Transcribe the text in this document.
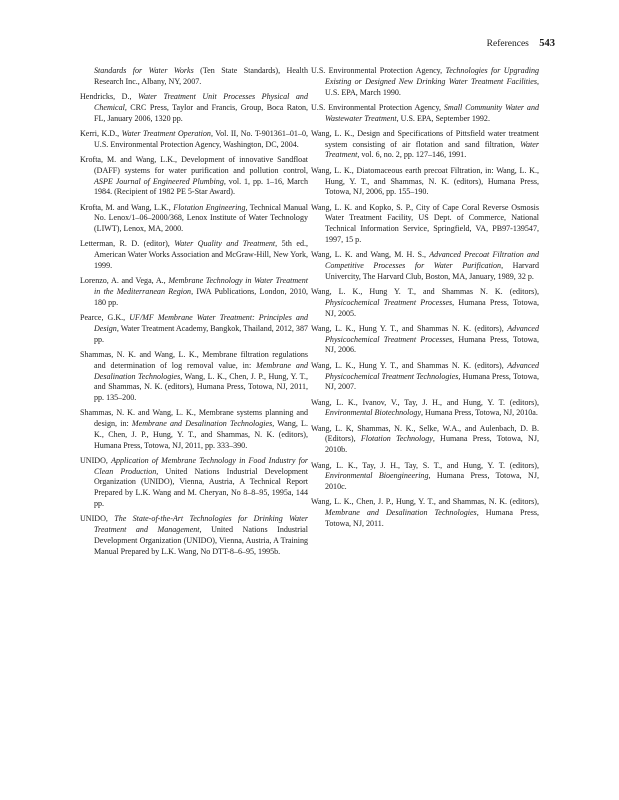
References 543

Standards for Water Works (Ten State Standards), Health Research Inc., Albany, NY, 2007.

Hendricks, D., Water Treatment Unit Processes Physical and Chemical, CRC Press, Taylor and Francis, Group, Boca Raton, FL, January 2006, 1320 pp.

Kerri, K.D., Water Treatment Operation, Vol. II, No. T-901361–01–0, U.S. Environmental Protection Agency, Washington, DC, 2004.

Krofta, M. and Wang, L.K., Development of innovative Sandfloat (DAFF) systems for water purification and pollution control, ASPE Journal of Engineered Plumbing, vol. 1, pp. 1–16, March 1984. (Recipient of 1982 PE 5-Star Award).

Krofta, M. and Wang, L.K., Flotation Engineering, Technical Manual No. Lenox/1–06–2000/368, Lenox Institute of Water Technology (LIWT), Lenox, MA, 2000.

Letterman, R. D. (editor), Water Quality and Treatment, 5th ed., American Water Works Association and McGraw-Hill, New York, 1999.

Lorenzo, A. and Vega, A., Membrane Technology in Water Treatment in the Mediterranean Region, IWA Publications, London, 2010, 180 pp.

Pearce, G.K., UF/MF Membrane Water Treatment: Principles and Design, Water Treatment Academy, Bangkok, Thailand, 2012, 387 pp.

Shammas, N. K. and Wang, L. K., Membrane filtration regulations and determination of log removal value, in: Membrane and Desalination Technologies, Wang, L. K., Chen, J. P., Hung, Y. T., and Shammas, N. K. (editors), Humana Press, Totowa, NJ, 2011, pp. 135–200.

Shammas, N. K. and Wang, L. K., Membrane systems planning and design, in: Membrane and Desalination Technologies, Wang, L. K., Chen, J. P., Hung, Y. T., and Shammas, N. K. (editors), Humana Press, Totowa, NJ, 2011, pp. 333–390.

UNIDO, Application of Membrane Technology in Food Industry for Clean Production, United Nations Industrial Development Organization (UNIDO), Vienna, Austria, A Technical Report Prepared by L.K. Wang and M. Cheryan, No 8–8–95, 1995a, 144 pp.

UNIDO, The State-of-the-Art Technologies for Drinking Water Treatment and Management, United Nations Industrial Development Organization (UNIDO), Vienna, Austria, A Training Manual Prepared by L.K. Wang, No DTT-8–6–95, 1995b.

U.S. Environmental Protection Agency, Technologies for Upgrading Existing or Designed New Drinking Water Treatment Facilities, U.S. EPA, March 1990.

U.S. Environmental Protection Agency, Small Community Water and Wastewater Treatment, U.S. EPA, September 1992.

Wang, L. K., Design and Specifications of Pittsfield water treatment system consisting of air flotation and sand filtration, Water Treatment, vol. 6, no. 2, pp. 127–146, 1991.

Wang, L. K., Diatomaceous earth precoat Filtration, in: Wang, L. K., Hung, Y. T., and Shammas, N. K. (editors), Humana Press, Totowa, NJ, 2006, pp. 155–190.

Wang, L. K. and Kopko, S. P., City of Cape Coral Reverse Osmosis Water Treatment Facility, US Dept. of Commerce, National Technical Information Service, Springfield, VA, PB97-139547, 1997, 15 p.

Wang, L. K. and Wang, M. H. S., Advanced Precoat Filtration and Competitive Processes for Water Purification, Harvard Univercity, The Harvard Club, Boston, MA, January, 1989, 32 p.

Wang, L. K., Hung Y. T., and Shammas N. K. (editors), Physicochemical Treatment Processes, Humana Press, Totowa, NJ, 2005.

Wang, L. K., Hung Y. T., and Shammas N. K. (editors), Advanced Physicochemical Treatment Processes, Humana Press, Totowa, NJ, 2006.

Wang, L. K., Hung Y. T., and Shammas N. K. (editors), Advanced Physicochemical Treatment Technologies, Humana Press, Totowa, NJ, 2007.

Wang, L. K., Ivanov, V., Tay, J. H., and Hung, Y. T. (editors), Environmental Biotechnology, Humana Press, Totowa, NJ, 2010a.

Wang, L. K, Shammas, N. K., Selke, W.A., and Aulenbach, D. B. (Editors), Flotation Technology, Humana Press, Totowa, NJ, 2010b.

Wang, L. K., Tay, J. H., Tay, S. T., and Hung, Y. T. (editors), Environmental Bioengineering, Humana Press, Totowa, NJ, 2010c.

Wang, L. K., Chen, J. P., Hung, Y. T., and Shammas, N. K. (editors), Membrane and Desalination Technologies, Humana Press, Totowa, NJ, 2011.
